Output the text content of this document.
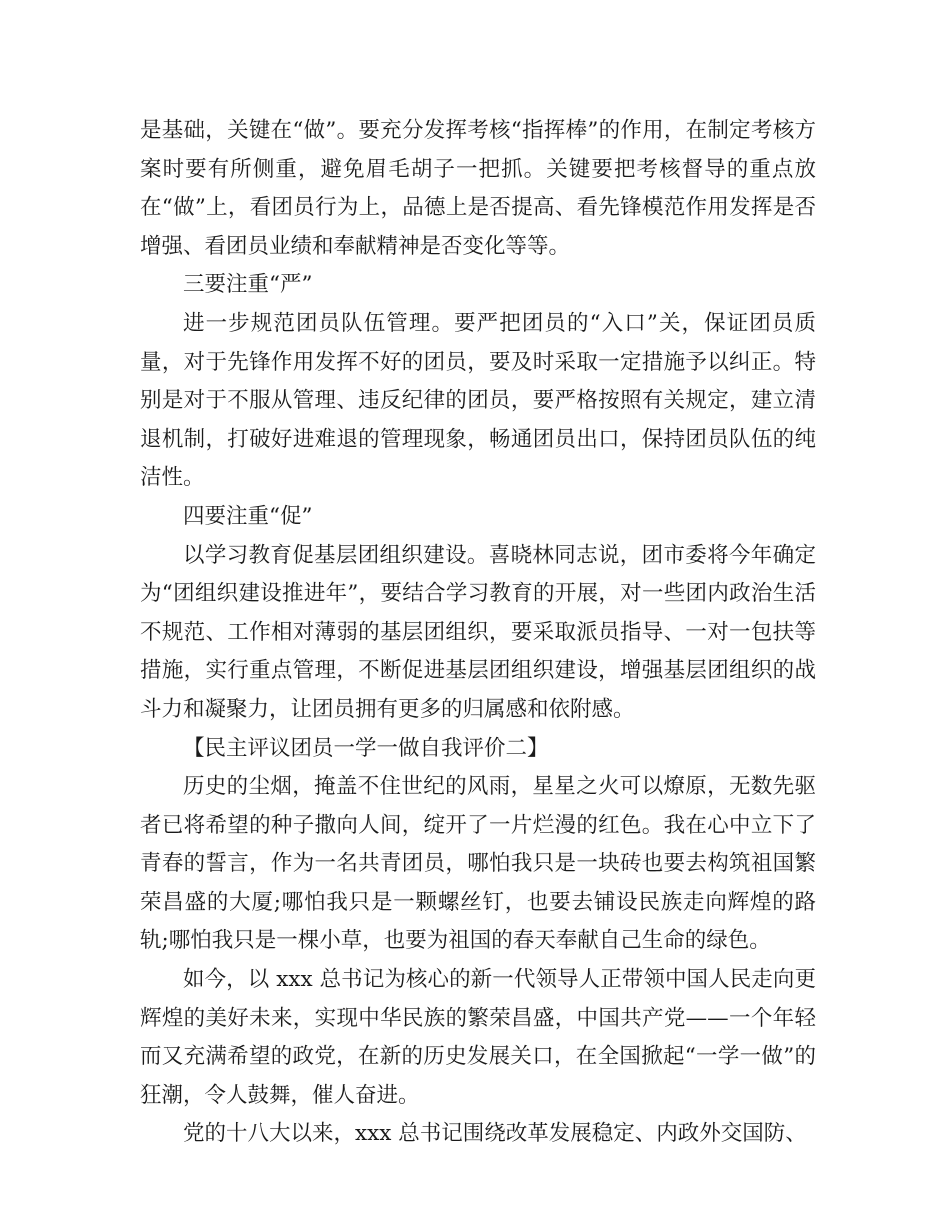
是基础，关键在“做”。要充分发挥考核“指挥棒”的作用，在制定考核方案时要有所侧重，避免眉毛胡子一把抓。关键要把考核督导的重点放在“做”上，看团员行为上，品德上是否提高、看先锋模范作用发挥是否增强、看团员业绩和奉献精神是否变化等等。

三要注重“严”

进一步规范团员队伍管理。要严把团员的“入口”关，保证团员质量，对于先锋作用发挥不好的团员，要及时采取一定措施予以纠正。特别是对于不服从管理、违反纪律的团员，要严格按照有关规定，建立清退机制，打破好进难退的管理现象，畅通团员出口，保持团员队伍的纯洁性。

四要注重“促”

以学习教育促基层团组织建设。喜晓林同志说，团市委将今年确定为“团组织建设推进年”，要结合学习教育的开展，对一些团内政治生活不规范、工作相对薄弱的基层团组织，要采取派员指导、一对一包扶等措施，实行重点管理，不断促进基层团组织建设，增强基层团组织的战斗力和凝聚力，让团员拥有更多的归属感和依附感。

【民主评议团员一学一做自我评价二】

历史的尘烟，掩盖不住世纪的风雨，星星之火可以燎原，无数先驱者已将希望的种子撒向人间，绽开了一片烂漫的红色。我在心中立下了青春的誓言，作为一名共青团员，哪怕我只是一块砖也要去构筑祖国繁荣昌盛的大厦;哪怕我只是一颗螺丝钉，也要去铺设民族走向辉煌的路轨;哪怕我只是一棵小草，也要为祖国的春天奉献自己生命的绿色。

如今，以 xxx 总书记为核心的新一代领导人正带领中国人民走向更辉煌的美好未来，实现中华民族的繁荣昌盛，中国共产党——一个年轻而又充满希望的政党，在新的历史发展关口，在全国掀起“一学一做”的狂潮，令人鼓舞，催人奋进。

党的十八大以来，xxx 总书记围绕改革发展稳定、内政外交国防、
